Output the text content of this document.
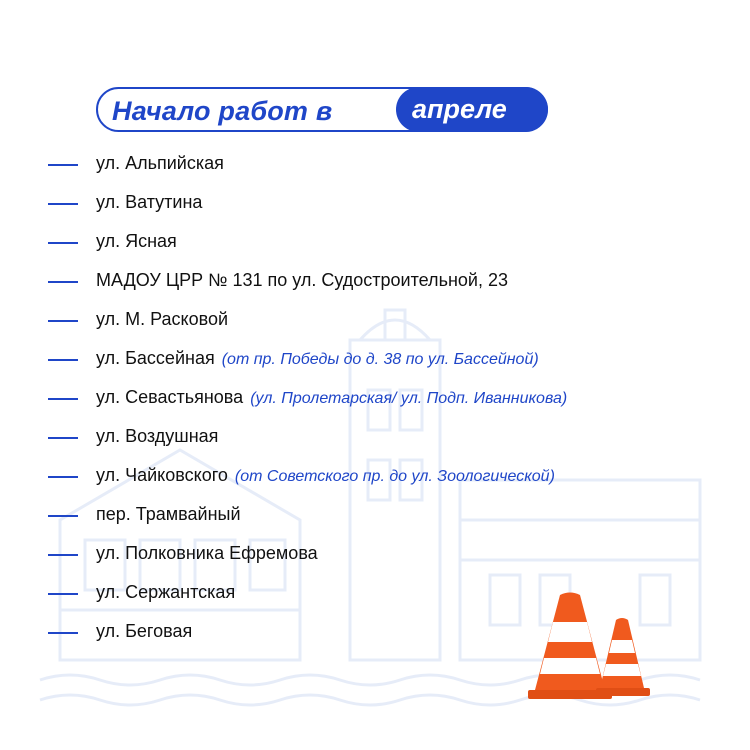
Начало работ в	апреле
ул. Альпийская
ул. Ватутина
ул. Ясная
МАДОУ ЦРР № 131 по ул. Судостроительной, 23
ул. М. Расковой
ул. Бассейная (от пр. Победы до д. 38 по ул. Бассейной)
ул. Севастьянова (ул. Пролетарская/ ул. Подп. Иванникова)
ул. Воздушная
ул. Чайковского (от Советского пр. до ул. Зоологической)
пер. Трамвайный
ул. Полковника Ефремова
ул. Сержантская
ул. Беговая
